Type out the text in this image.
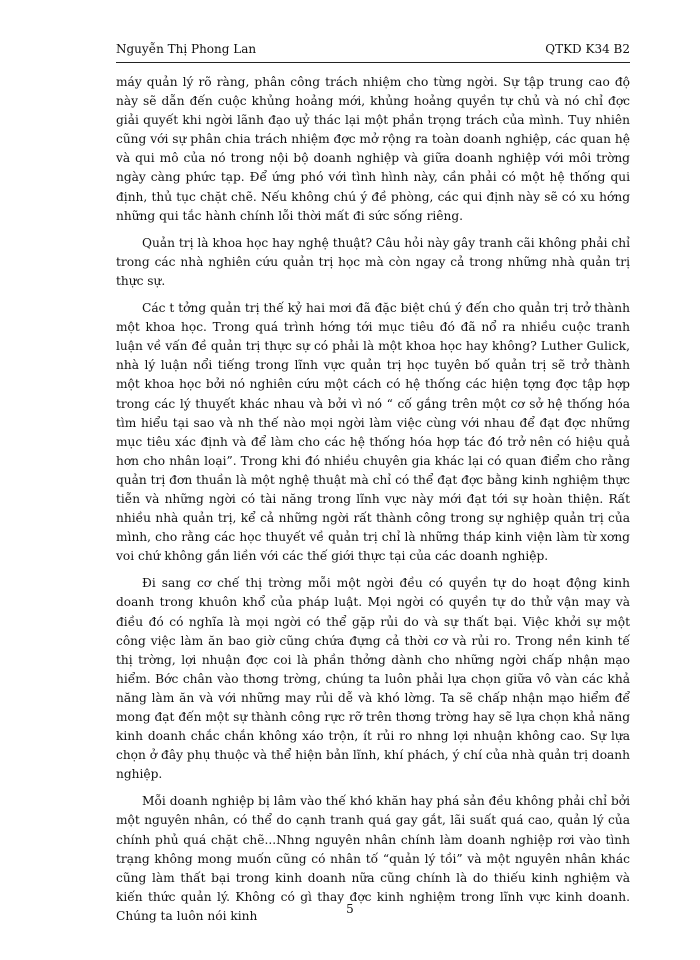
Nguyễn Thị Phong Lan	QTKD K34 B2

máy quản lý rõ ràng, phân công trách nhiệm cho từng ngời. Sự tập trung cao độ này sẽ dẫn đến cuộc khủng hoảng mới, khủng hoảng quyền tự chủ và nó chỉ đợc giải quyết khi ngời lãnh đạo uỷ thác lại một phần trọng trách của mình. Tuy nhiên cũng với sự phân chia trách nhiệm đợc mở rộng ra toàn doanh nghiệp, các quan hệ và qui mô của nó trong nội bộ doanh nghiệp và giữa doanh nghiệp với môi trờng ngày càng phức tạp. Để ứng phó với tình hình này, cần phải có một hệ thống qui định, thủ tục chặt chẽ. Nếu không chú ý đề phòng, các qui định này sẽ có xu hớng những qui tắc hành chính lỗi thời mất đi sức sống riêng.

Quản trị là khoa học hay nghệ thuật? Câu hỏi này gây tranh cãi không phải chỉ trong các nhà nghiên cứu quản trị học mà còn ngay cả trong những nhà quản trị thực sự.

Các t tởng quản trị thế kỷ hai mơi đã đặc biệt chú ý đến cho quản trị trở thành một khoa học. Trong quá trình hớng tới mục tiêu đó đã nổ ra nhiều cuộc tranh luận về vấn đề quản trị thực sự có phải là một khoa học hay không? Luther Gulick, nhà lý luận nổi tiếng trong lĩnh vực quản trị học tuyên bố quản trị sẽ trở thành một khoa học bởi nó nghiên cứu một cách có hệ thống các hiện tợng đợc tập hợp trong các lý thuyết khác nhau và bởi vì nó “ cố gắng trên một cơ sở hệ thống hóa tìm hiểu tại sao và nh thế nào mọi ngời làm việc cùng với nhau để đạt đợc những mục tiêu xác định và để làm cho các hệ thống hóa hợp tác đó trở nên có hiệu quả hơn cho nhân loại”. Trong khi đó nhiều chuyên gia khác lại có quan điểm cho rằng quản trị đơn thuần là một nghệ thuật mà chỉ có thể đạt đợc bằng kinh nghiệm thực tiễn và những ngời có tài năng trong lĩnh vực này mới đạt tới sự hoàn thiện. Rất nhiều nhà quản trị, kể cả những ngời rất thành công trong sự nghiệp quản trị của mình, cho rằng các học thuyết về quản trị chỉ là những tháp kinh viện làm từ xơng voi chứ không gắn liền với các thế giới thực tại của các doanh nghiệp.

Đi sang cơ chế thị trờng mỗi một ngời đều có quyền tự do hoạt động kinh doanh trong khuôn khổ của pháp luật. Mọi ngời có quyền tự do thử vận may và điều đó có nghĩa là mọi ngời có thể gặp rủi do và sự thất bại. Việc khởi sự một công việc làm ăn bao giờ cũng chứa đựng cả thời cơ và rủi ro. Trong nền kinh tế thị trờng, lợi nhuận đợc coi là phần thởng dành cho những ngời chấp nhận mạo hiểm. Bớc chân vào thơng trờng, chúng ta luôn phải lựa chọn giữa vô vàn các khả năng làm ăn và với những may rủi dễ và khó lờng. Ta sẽ chấp nhận mạo hiểm để mong đạt đến một sự thành công rực rỡ trên thơng trờng hay sẽ lựa chọn khả năng kinh doanh chắc chắn không xáo trộn, ít rủi ro nhng lợi nhuận không cao. Sự lựa chọn ở đây phụ thuộc và thể hiện bản lĩnh, khí phách, ý chí của nhà quản trị doanh nghiệp.

Mỗi doanh nghiệp bị lâm vào thế khó khăn hay phá sản đều không phải chỉ bởi một nguyên nhân, có thể do cạnh tranh quá gay gắt, lãi suất quá cao, quản lý của chính phủ quá chặt chẽ...Nhng nguyên nhân chính làm doanh nghiệp rơi vào tình trạng không mong muốn cũng có nhân tố “quản lý tồi” và một nguyên nhân khác cũng làm thất bại trong kinh doanh nữa cũng chính là do thiếu kinh nghiệm và kiến thức quản lý. Không có gì thay đợc kinh nghiệm trong lĩnh vực kinh doanh. Chúng ta luôn nói kinh	5
